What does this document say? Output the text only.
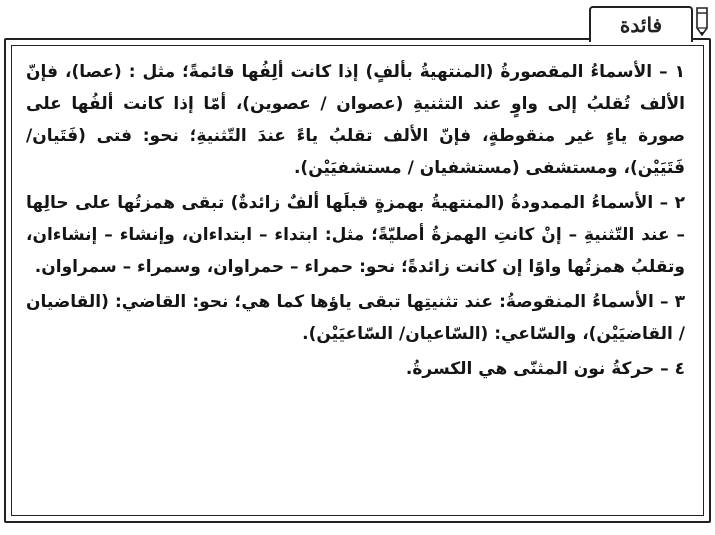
فائدة

١ – الأسماءُ المقصورةُ (المنتهيةُ بألفٍ) إذا كانت ألِفُها قائمةً؛ مثل : (عصا)، فإنّ الألف تُقلبُ إلى واوٍ عند التثنيةِ (عصوان / عصوين)، أمّا إذا كانت ألفُها على صورة ياءٍ غير منقوطةٍ، فإنّ الألف تقلبُ ياءً عندَ التّثنيةِ؛ نحو: فتى (فَتَيان/ فَتَيَيْن)، ومستشفى (مستشفيان / مستشفيَيْن).

٢ – الأسماءُ الممدودةُ (المنتهيةُ بهمزةٍ قبلَها ألفٌ زائدةٌ) تبقى همزتُها على حالِها – عند التّثنيةِ – إنْ كانتِ الهمزةُ أصليّةً؛ مثل: ابتداء – ابتداءان، وإنشاء – إنشاءان، وتقلبُ همزتُها واوًا إن كانت زائدةً؛ نحو: حمراء – حمراوان، وسمراء – سمراوان.

٣ – الأسماءُ المنقوصةُ: عند تثنيتِها تبقى ياؤها كما هي؛ نحو: القاضي: (القاضيان / القاضيَيْن)، والسّاعي: (السّاعيان/ السّاعيَيْن).

٤ – حركةُ نون المثنّى هي الكسرةُ.
